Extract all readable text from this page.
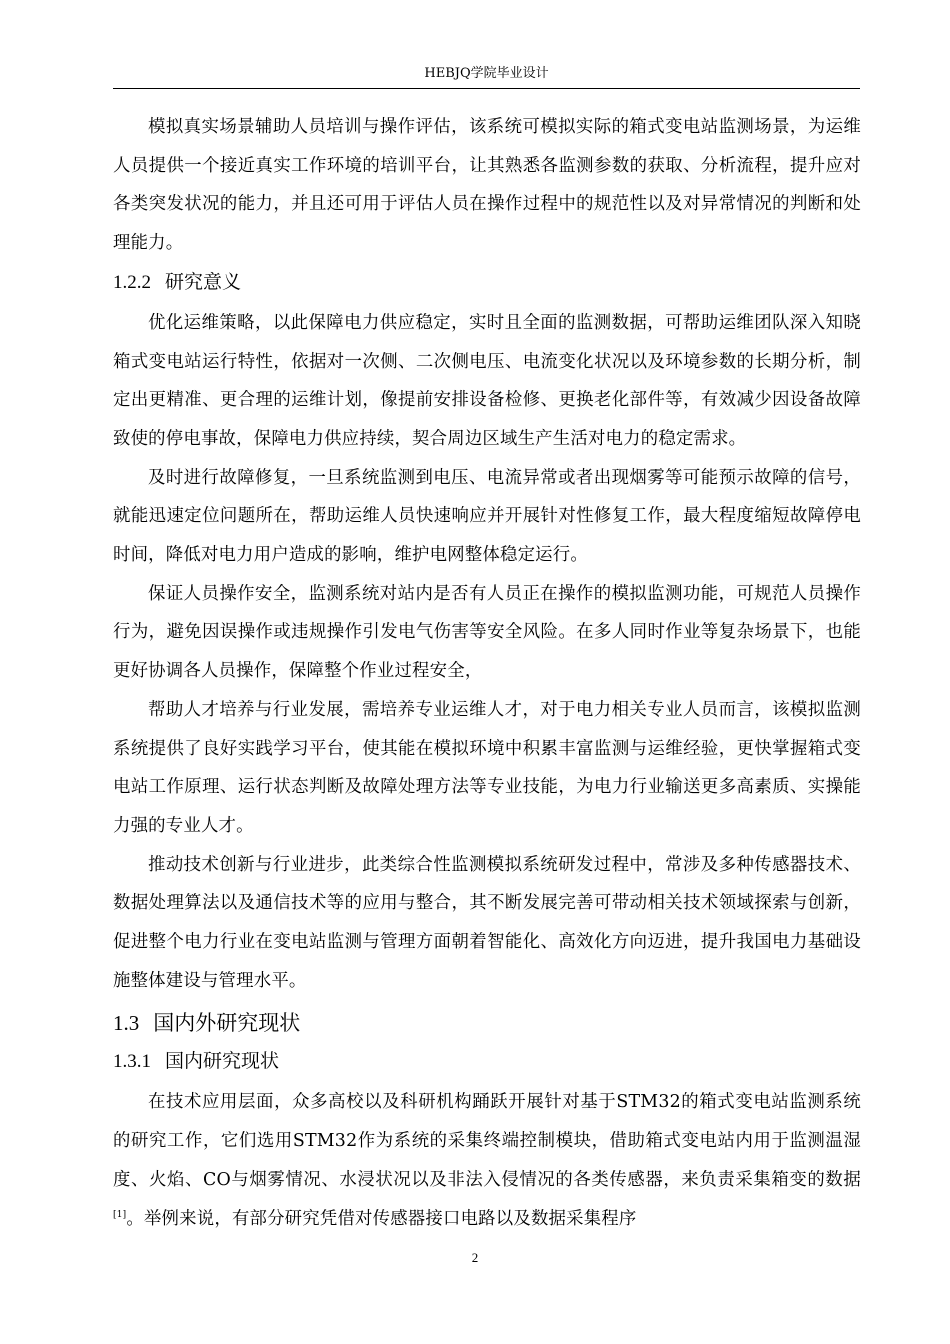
HEBJQ学院毕业设计

模拟真实场景辅助人员培训与操作评估，该系统可模拟实际的箱式变电站监测场景，为运维人员提供一个接近真实工作环境的培训平台，让其熟悉各监测参数的获取、分析流程，提升应对各类突发状况的能力，并且还可用于评估人员在操作过程中的规范性以及对异常情况的判断和处理能力。

1.2.2 研究意义

优化运维策略，以此保障电力供应稳定，实时且全面的监测数据，可帮助运维团队深入知晓箱式变电站运行特性，依据对一次侧、二次侧电压、电流变化状况以及环境参数的长期分析，制定出更精准、更合理的运维计划，像提前安排设备检修、更换老化部件等，有效减少因设备故障致使的停电事故，保障电力供应持续，契合周边区域生产生活对电力的稳定需求。

及时进行故障修复，一旦系统监测到电压、电流异常或者出现烟雾等可能预示故障的信号，就能迅速定位问题所在，帮助运维人员快速响应并开展针对性修复工作，最大程度缩短故障停电时间，降低对电力用户造成的影响，维护电网整体稳定运行。

保证人员操作安全，监测系统对站内是否有人员正在操作的模拟监测功能，可规范人员操作行为，避免因误操作或违规操作引发电气伤害等安全风险。在多人同时作业等复杂场景下，也能更好协调各人员操作，保障整个作业过程安全，

帮助人才培养与行业发展，需培养专业运维人才，对于电力相关专业人员而言，该模拟监测系统提供了良好实践学习平台，使其能在模拟环境中积累丰富监测与运维经验，更快掌握箱式变电站工作原理、运行状态判断及故障处理方法等专业技能，为电力行业输送更多高素质、实操能力强的专业人才。

推动技术创新与行业进步，此类综合性监测模拟系统研发过程中，常涉及多种传感器技术、数据处理算法以及通信技术等的应用与整合，其不断发展完善可带动相关技术领域探索与创新，促进整个电力行业在变电站监测与管理方面朝着智能化、高效化方向迈进，提升我国电力基础设施整体建设与管理水平。

1.3 国内外研究现状
1.3.1 国内研究现状

在技术应用层面，众多高校以及科研机构踊跃开展针对基于STM32的箱式变电站监测系统的研究工作，它们选用STM32作为系统的采集终端控制模块，借助箱式变电站内用于监测温湿度、火焰、CO与烟雾情况、水浸状况以及非法入侵情况的各类传感器，来负责采集箱变的数据[1]。举例来说，有部分研究凭借对传感器接口电路以及数据采集程序

2
